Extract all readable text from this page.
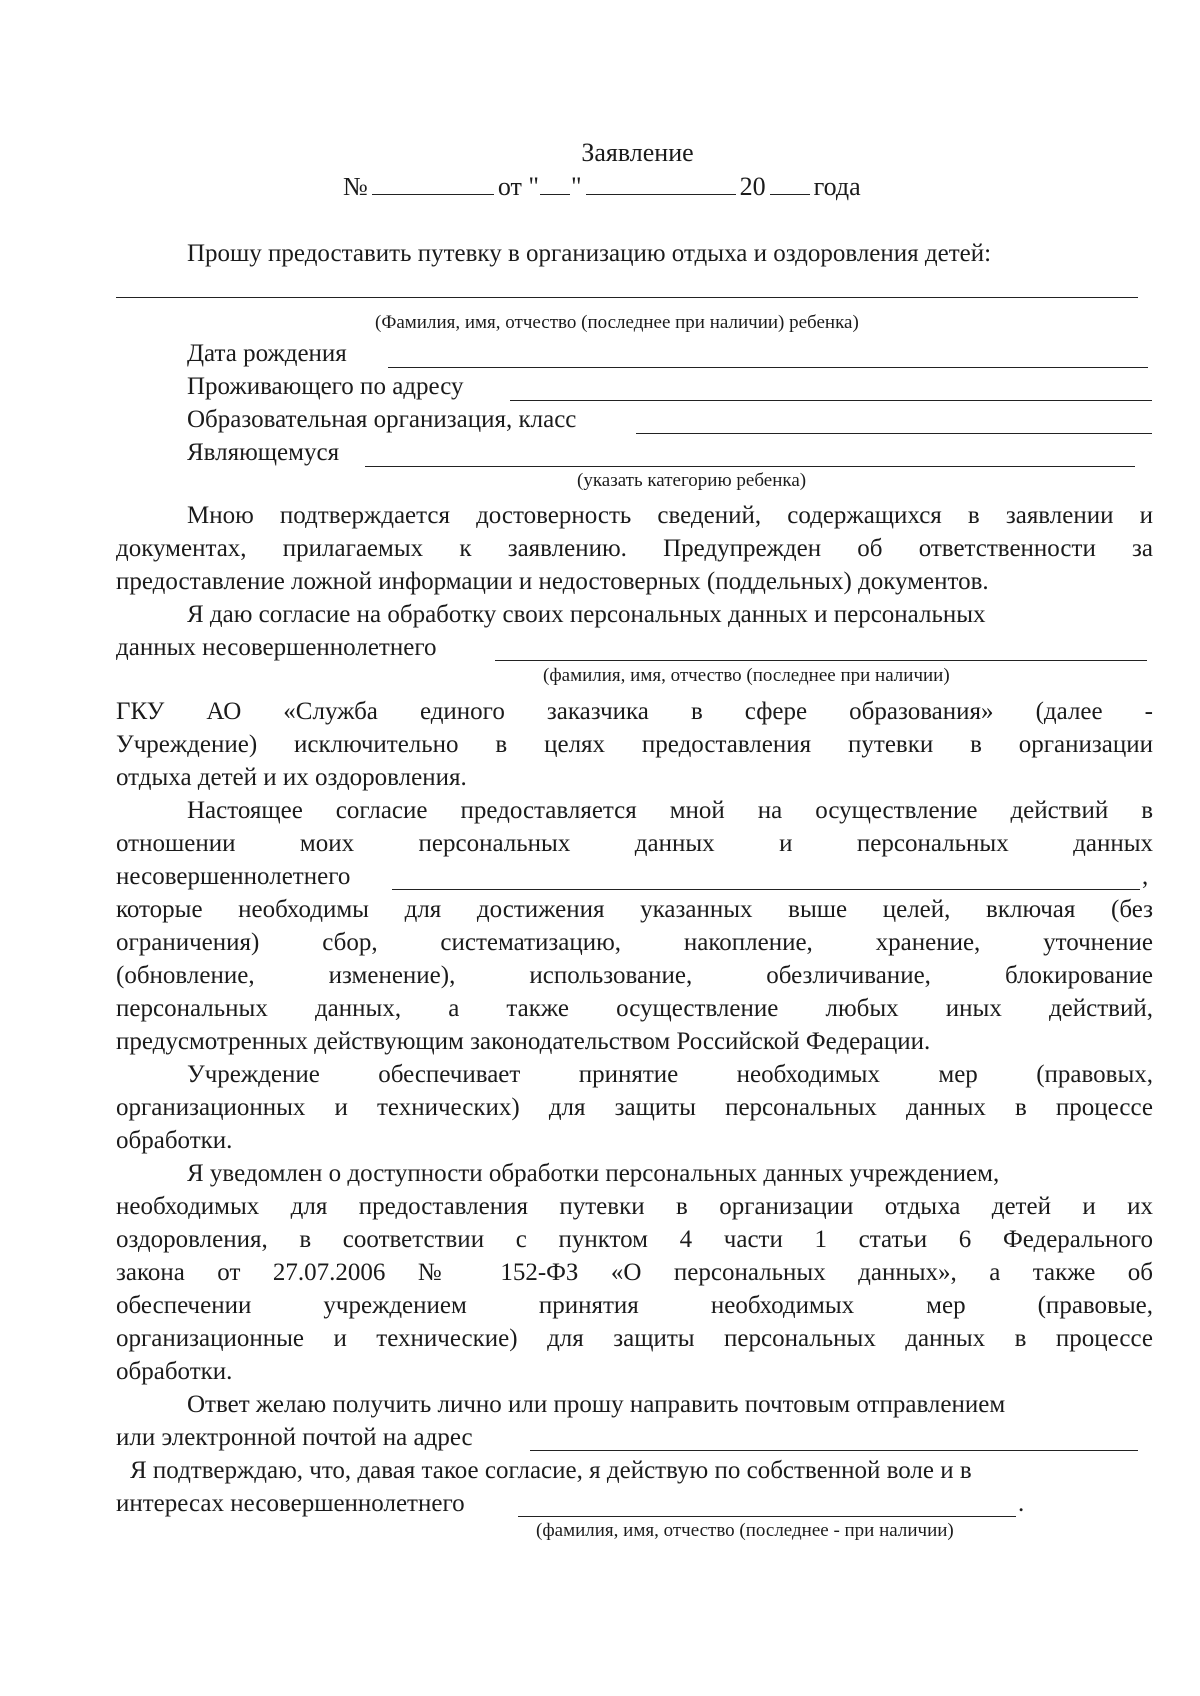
Заявление
№	от " "	20 года
Прошу предоставить путевку в организацию отдыха и оздоровления детей:
(Фамилия, имя, отчество (последнее при наличии) ребенка)
Дата рождения
Проживающего по адресу
Образовательная организация, класс
Являющемуся
(указать категорию ребенка)
Мною подтверждается достоверность сведений, содержащихся в заявлении и
документах, прилагаемых к заявлению. Предупрежден об ответственности за
предоставление ложной информации и недостоверных (поддельных) документов.
Я даю согласие на обработку своих персональных данных и персональных
данных несовершеннолетнего
(фамилия, имя, отчество (последнее при наличии)
ГКУ АО «Служба единого заказчика в сфере образования» (далее -
Учреждение) исключительно в целях предоставления путевки в организации
отдыха детей и их оздоровления.
Настоящее согласие предоставляется мной на осуществление действий в
отношении моих персональных данных и персональных данных
несовершеннолетнего	,
которые необходимы для достижения указанных выше целей, включая (без
ограничения) сбор, систематизацию, накопление, хранение, уточнение
(обновление, изменение), использование, обезличивание, блокирование
персональных данных, а также осуществление любых иных действий,
предусмотренных действующим законодательством Российской Федерации.
Учреждение обеспечивает принятие необходимых мер (правовых,
организационных и технических) для защиты персональных данных в процессе
обработки.
Я уведомлен о доступности обработки персональных данных учреждением,
необходимых для предоставления путевки в организации отдыха детей и их
оздоровления, в соответствии с пунктом 4 части 1 статьи 6 Федерального
закона от 27.07.2006 № 152-ФЗ «О персональных данных», а также об
обеспечении учреждением принятия необходимых мер (правовые,
организационные и технические) для защиты персональных данных в процессе
обработки.
Ответ желаю получить лично или прошу направить почтовым отправлением
или электронной почтой на адрес
Я подтверждаю, что, давая такое согласие, я действую по собственной воле и в
интересах несовершеннолетнего	.
(фамилия, имя, отчество (последнее - при наличии)
